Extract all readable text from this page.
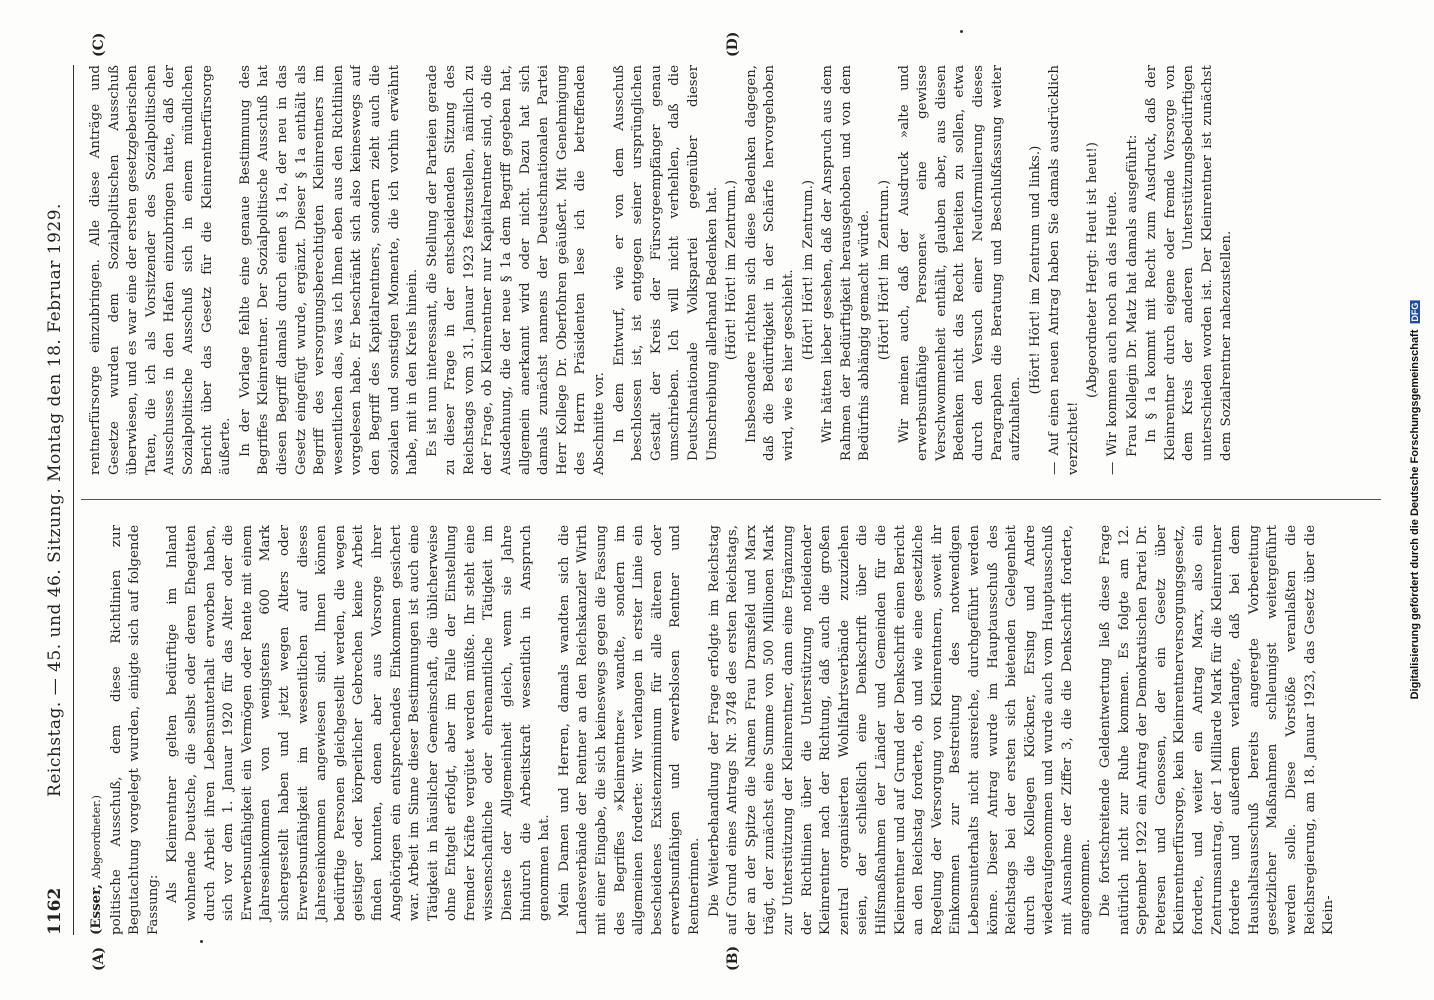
1162
Reichstag. — 45. und 46. Sitzung. Montag den 18. Februar 1929.
(A)	(B)
(C)	(D)

(Esser, Abgeordneter.) politische Ausschuß, dem diese Richtlinien zur Begutachtung vorgelegt wurden, einigte sich auf folgende Fassung:

Als Kleinrentner gelten bedürftige im Inland wohnende Deutsche, die selbst oder deren Ehegatten durch Arbeit ihren Lebensunterhalt erworben haben, sich vor dem 1. Januar 1920 für das Alter oder die Erwerbsunfähigkeit ein Vermögen oder Rente mit einem Jahreseinkommen von wenigstens 600 Mark sichergestellt haben und jetzt wegen Alters oder Erwerbsunfähigkeit im wesentlichen auf dieses Jahreseinkommen angewiesen sind. Ihnen können bedürftige Personen gleichgestellt werden, die wegen geistiger oder körperlicher Gebrechen keine Arbeit finden konnten, denen aber aus Vorsorge ihrer Angehörigen ein entsprechendes Einkommen gesichert war. Arbeit im Sinne dieser Bestimmungen ist auch eine Tätigkeit in häuslicher Gemeinschaft, die üblicherweise ohne Entgelt erfolgt, aber im Falle der Einstellung fremder Kräfte vergütet werden müßte. Ihr steht eine wissenschaftliche oder ehrenamtliche Tätigkeit im Dienste der Allgemeinheit gleich, wenn sie Jahre hindurch die Arbeitskraft wesentlich in Anspruch genommen hat. Mein Damen und Herren, damals wandten sich die Landesverbände der Rentner an den Reichskanzler Wirth mit einer Eingabe, die sich keineswegs gegen die Fassung des Begriffes »Kleinrentner« wandte, sondern im allgemeinen forderte: Wir verlangen in erster Linie ein bescheidenes Existenzminimum für alle älteren oder erwerbsunfähigen und erwerbslosen Rentner und Rentnerinnen. Die Weiterbehandlung der Frage erfolgte im Reichstag auf Grund eines Antrags Nr. 3748 des ersten Reichstags, der an der Spitze die Namen Frau Dransfeld und Marx trägt, der zunächst eine Summe von 500 Millionen Mark zur Unterstützung der Kleinrentner, dann eine Ergänzung der Richtlinien über die Unterstützung notleidender Kleinrentner nach der Richtung, daß auch die großen zentral organisierten Wohlfahrtsverbände zuzuziehen seien, der schließlich eine Denkschrift über die Hilfsmaßnahmen der Länder und Gemeinden für die Kleinrentner und auf Grund der Denkschrift einen Bericht an den Reichstag forderte, ob und wie eine gesetzliche Regelung der Versorgung von Kleinrentnern, soweit ihr Einkommen zur Bestreitung des notwendigen Lebensunterhalts nicht ausreiche, durchgeführt werden könne. Dieser Antrag wurde im Hauptausschuß des Reichstags bei der ersten sich bietenden Gelegenheit durch die Kollegen Klöckner, Ersing und Andre wiederaufgenommen und wurde auch vom Hauptausschuß mit Ausnahme der Ziffer 3, die die Denkschrift forderte, angenommen. Die fortschreitende Geldentwertung ließ diese Frage natürlich nicht zur Ruhe kommen. Es folgte am 12. September 1922 ein Antrag der Demokratischen Partei Dr. Petersen und Genossen, der ein Gesetz über Kleinrentnerfürsorge, kein Kleinrentnerversorgungsgesetz, forderte, und weiter ein Antrag Marx, also ein Zentrumsantrag, der 1 Milliarde Mark für die Kleinrentner forderte und außerdem verlangte, daß bei dem Haushaltsausschuß bereits angeregte Vorbereitung gesetzlicher Maßnahmen schleunigst weitergeführt werden solle. Diese Vorstöße veranlaßten die Reichsregierung, am 18. Januar 1923, das Gesetz über die Klein-

rentnerfürsorge einzubringen. Alle diese Anträge und Gesetze wurden dem Sozialpolitischen Ausschuß überwiesen, und es war eine der ersten gesetzgeberischen Taten, die ich als Vorsitzender des Sozialpolitischen Ausschusses in den Hafen einzubringen hatte, daß der Sozialpolitische Ausschuß sich in einem mündlichen Bericht über das Gesetz für die Kleinrentnerfürsorge äußerte. In der Vorlage fehlte eine genaue Bestimmung des Begriffes Kleinrentner. Der Sozialpolitische Ausschuß hat diesen Begriff damals durch einen § 1a, der neu in das Gesetz eingefügt wurde, ergänzt. Dieser § 1a enthält als Begriff des versorgungsberechtigten Kleinrentners im wesentlichen das, was ich Ihnen eben aus den Richtlinien vorgelesen habe. Er beschränkt sich also keineswegs auf den Begriff des Kapitalrentners, sondern zieht auch die sozialen und sonstigen Momente, die ich vorhin erwähnt habe, mit in den Kreis hinein. Es ist nun interessant, die Stellung der Parteien gerade zu dieser Frage in der entscheidenden Sitzung des Reichstags vom 31. Januar 1923 festzustellen, nämlich zu der Frage, ob Kleinrentner nur Kapitalrentner sind, ob die Ausdehnung, die der neue § 1a dem Begriff gegeben hat, allgemein anerkannt wird oder nicht. Dazu hat sich damals zunächst namens der Deutschnationalen Partei Herr Kollege Dr. Oberfohren geäußert. Mit Genehmigung des Herrn Präsidenten lese ich die betreffenden Abschnitte vor. In dem Entwurf, wie er von dem Ausschuß beschlossen ist, ist entgegen seiner ursprünglichen Gestalt der Kreis der Fürsorgeempfänger genau umschrieben. Ich will nicht verhehlen, daß die Deutschnationale Volkspartei gegenüber dieser Umschreibung allerhand Bedenken hat. (Hört! Hört! im Zentrum.) Insbesondere richten sich diese Bedenken dagegen, daß die Bedürftigkeit in der Schärfe hervorgehoben wird, wie es hier geschieht. (Hört! Hört! im Zentrum.) Wir hätten lieber gesehen, daß der Anspruch aus dem Rahmen der Bedürftigkeit herausgehoben und von dem Bedürfnis abhängig gemacht würde. (Hört! Hört! im Zentrum.) Wir meinen auch, daß der Ausdruck »alte und erwerbsunfähige Personen« eine gewisse Verschwommenheit enthält, glauben aber, aus diesen Bedenken nicht das Recht herleiten zu sollen, etwa durch den Versuch einer Neuformulierung dieses Paragraphen die Beratung und Beschlußfassung weiter aufzuhalten.

(Hört! Hört! im Zentrum und links.) — Auf einen neuen Antrag haben Sie damals ausdrücklich verzichtet!

(Abgeordneter Hergt: Heut ist heut!) — Wir kommen auch noch an das Heute. Frau Kollegin Dr. Matz hat damals ausgeführt: In § 1a kommt mit Recht zum Ausdruck, daß der Kleinrentner durch eigene oder fremde Vorsorge von dem Kreis der anderen Unterstützungsbedürftigen unterschieden worden ist. Der Kleinrentner ist zunächst dem Sozialrentner nahezustellen.	Digitalisierung gefördert durch die Deutsche ForschungsgemeinschaftDFG
